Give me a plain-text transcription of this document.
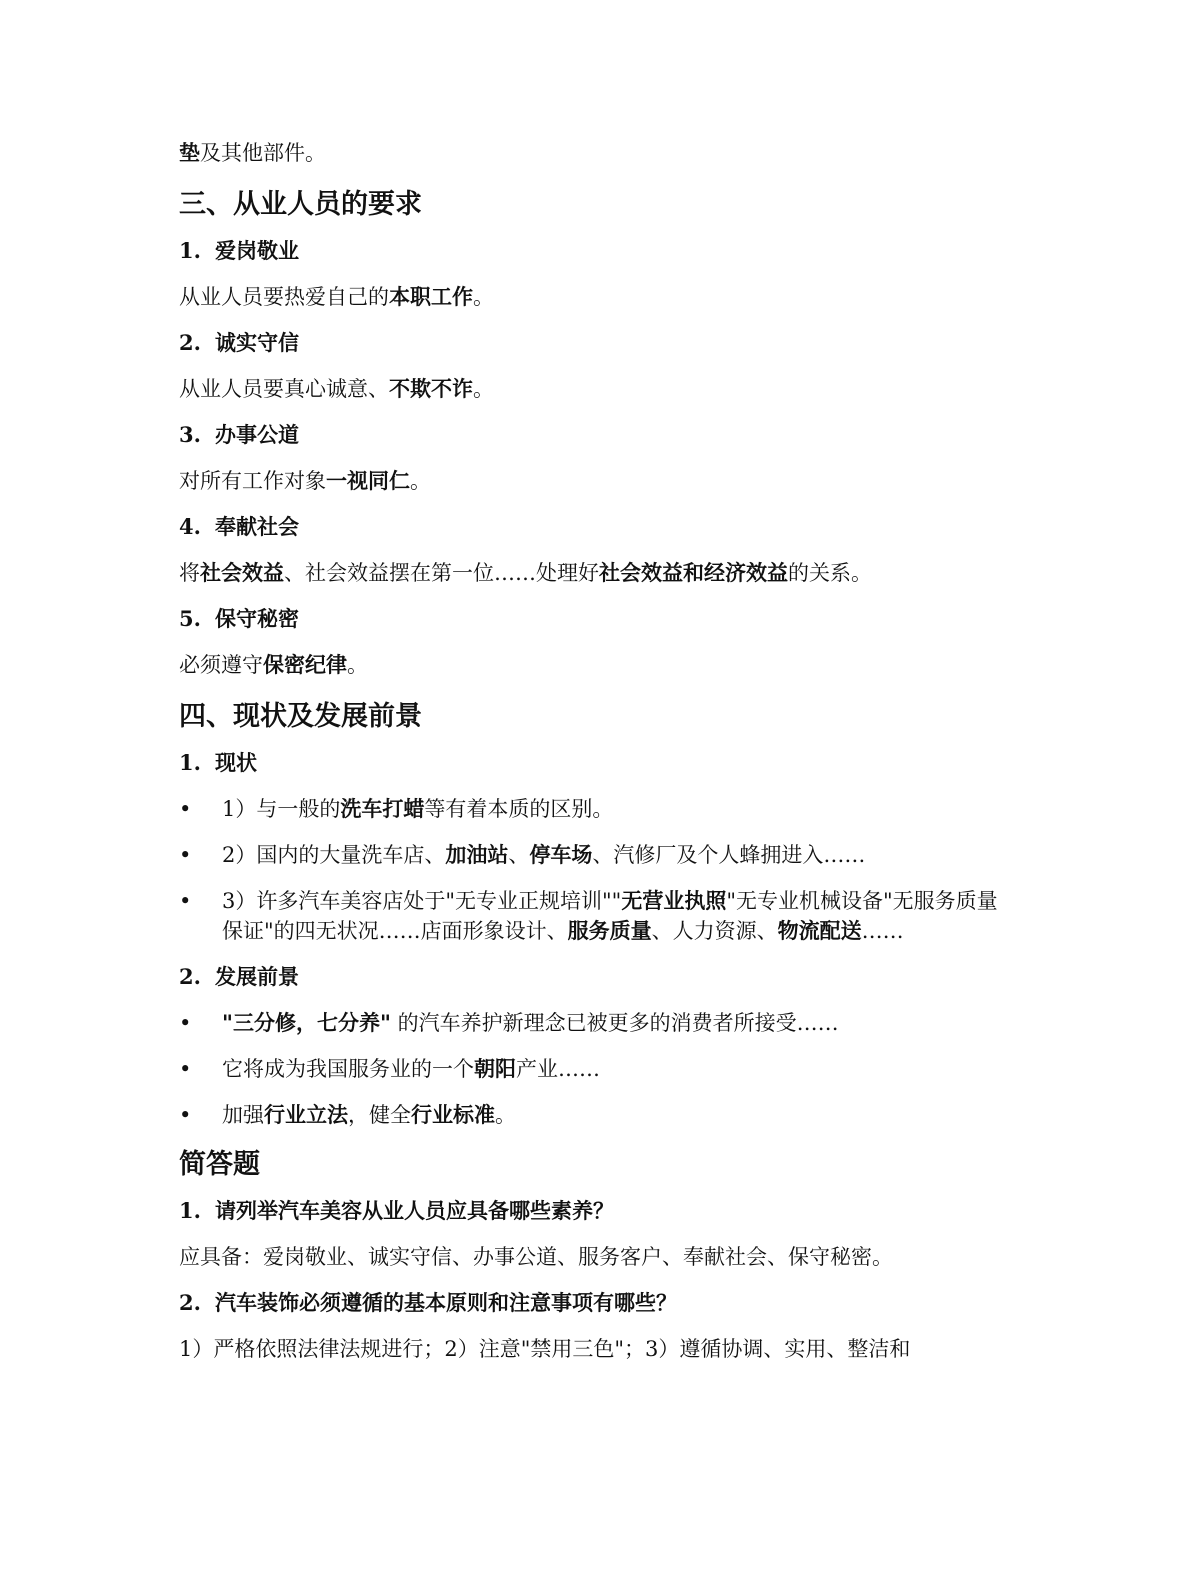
垫及其他部件。

三、从业人员的要求

1. 爱岗敬业

从业人员要热爱自己的本职工作。

2. 诚实守信

从业人员要真心诚意、不欺不诈。

3. 办事公道

对所有工作对象一视同仁。

4. 奉献社会

将社会效益、社会效益摆在第一位……处理好社会效益和经济效益的关系。

5. 保守秘密

必须遵守保密纪律。

四、现状及发展前景

1. 现状

•	1）与一般的洗车打蜡等有着本质的区别。
•	2）国内的大量洗车店、加油站、停车场、汽修厂及个人蜂拥进入……
•	3）许多汽车美容店处于"无专业正规培训""无营业执照"无专业机械设备"无服务质量保证"的四无状况……店面形象设计、服务质量、人力资源、物流配送……

2. 发展前景

•	"三分修，七分养" 的汽车养护新理念已被更多的消费者所接受……
•	它将成为我国服务业的一个朝阳产业……
•	加强行业立法，健全行业标准。

简答题

1. 请列举汽车美容从业人员应具备哪些素养？

应具备：爱岗敬业、诚实守信、办事公道、服务客户、奉献社会、保守秘密。

2. 汽车装饰必须遵循的基本原则和注意事项有哪些？

1）严格依照法律法规进行；2）注意"禁用三色"；3）遵循协调、实用、整洁和
